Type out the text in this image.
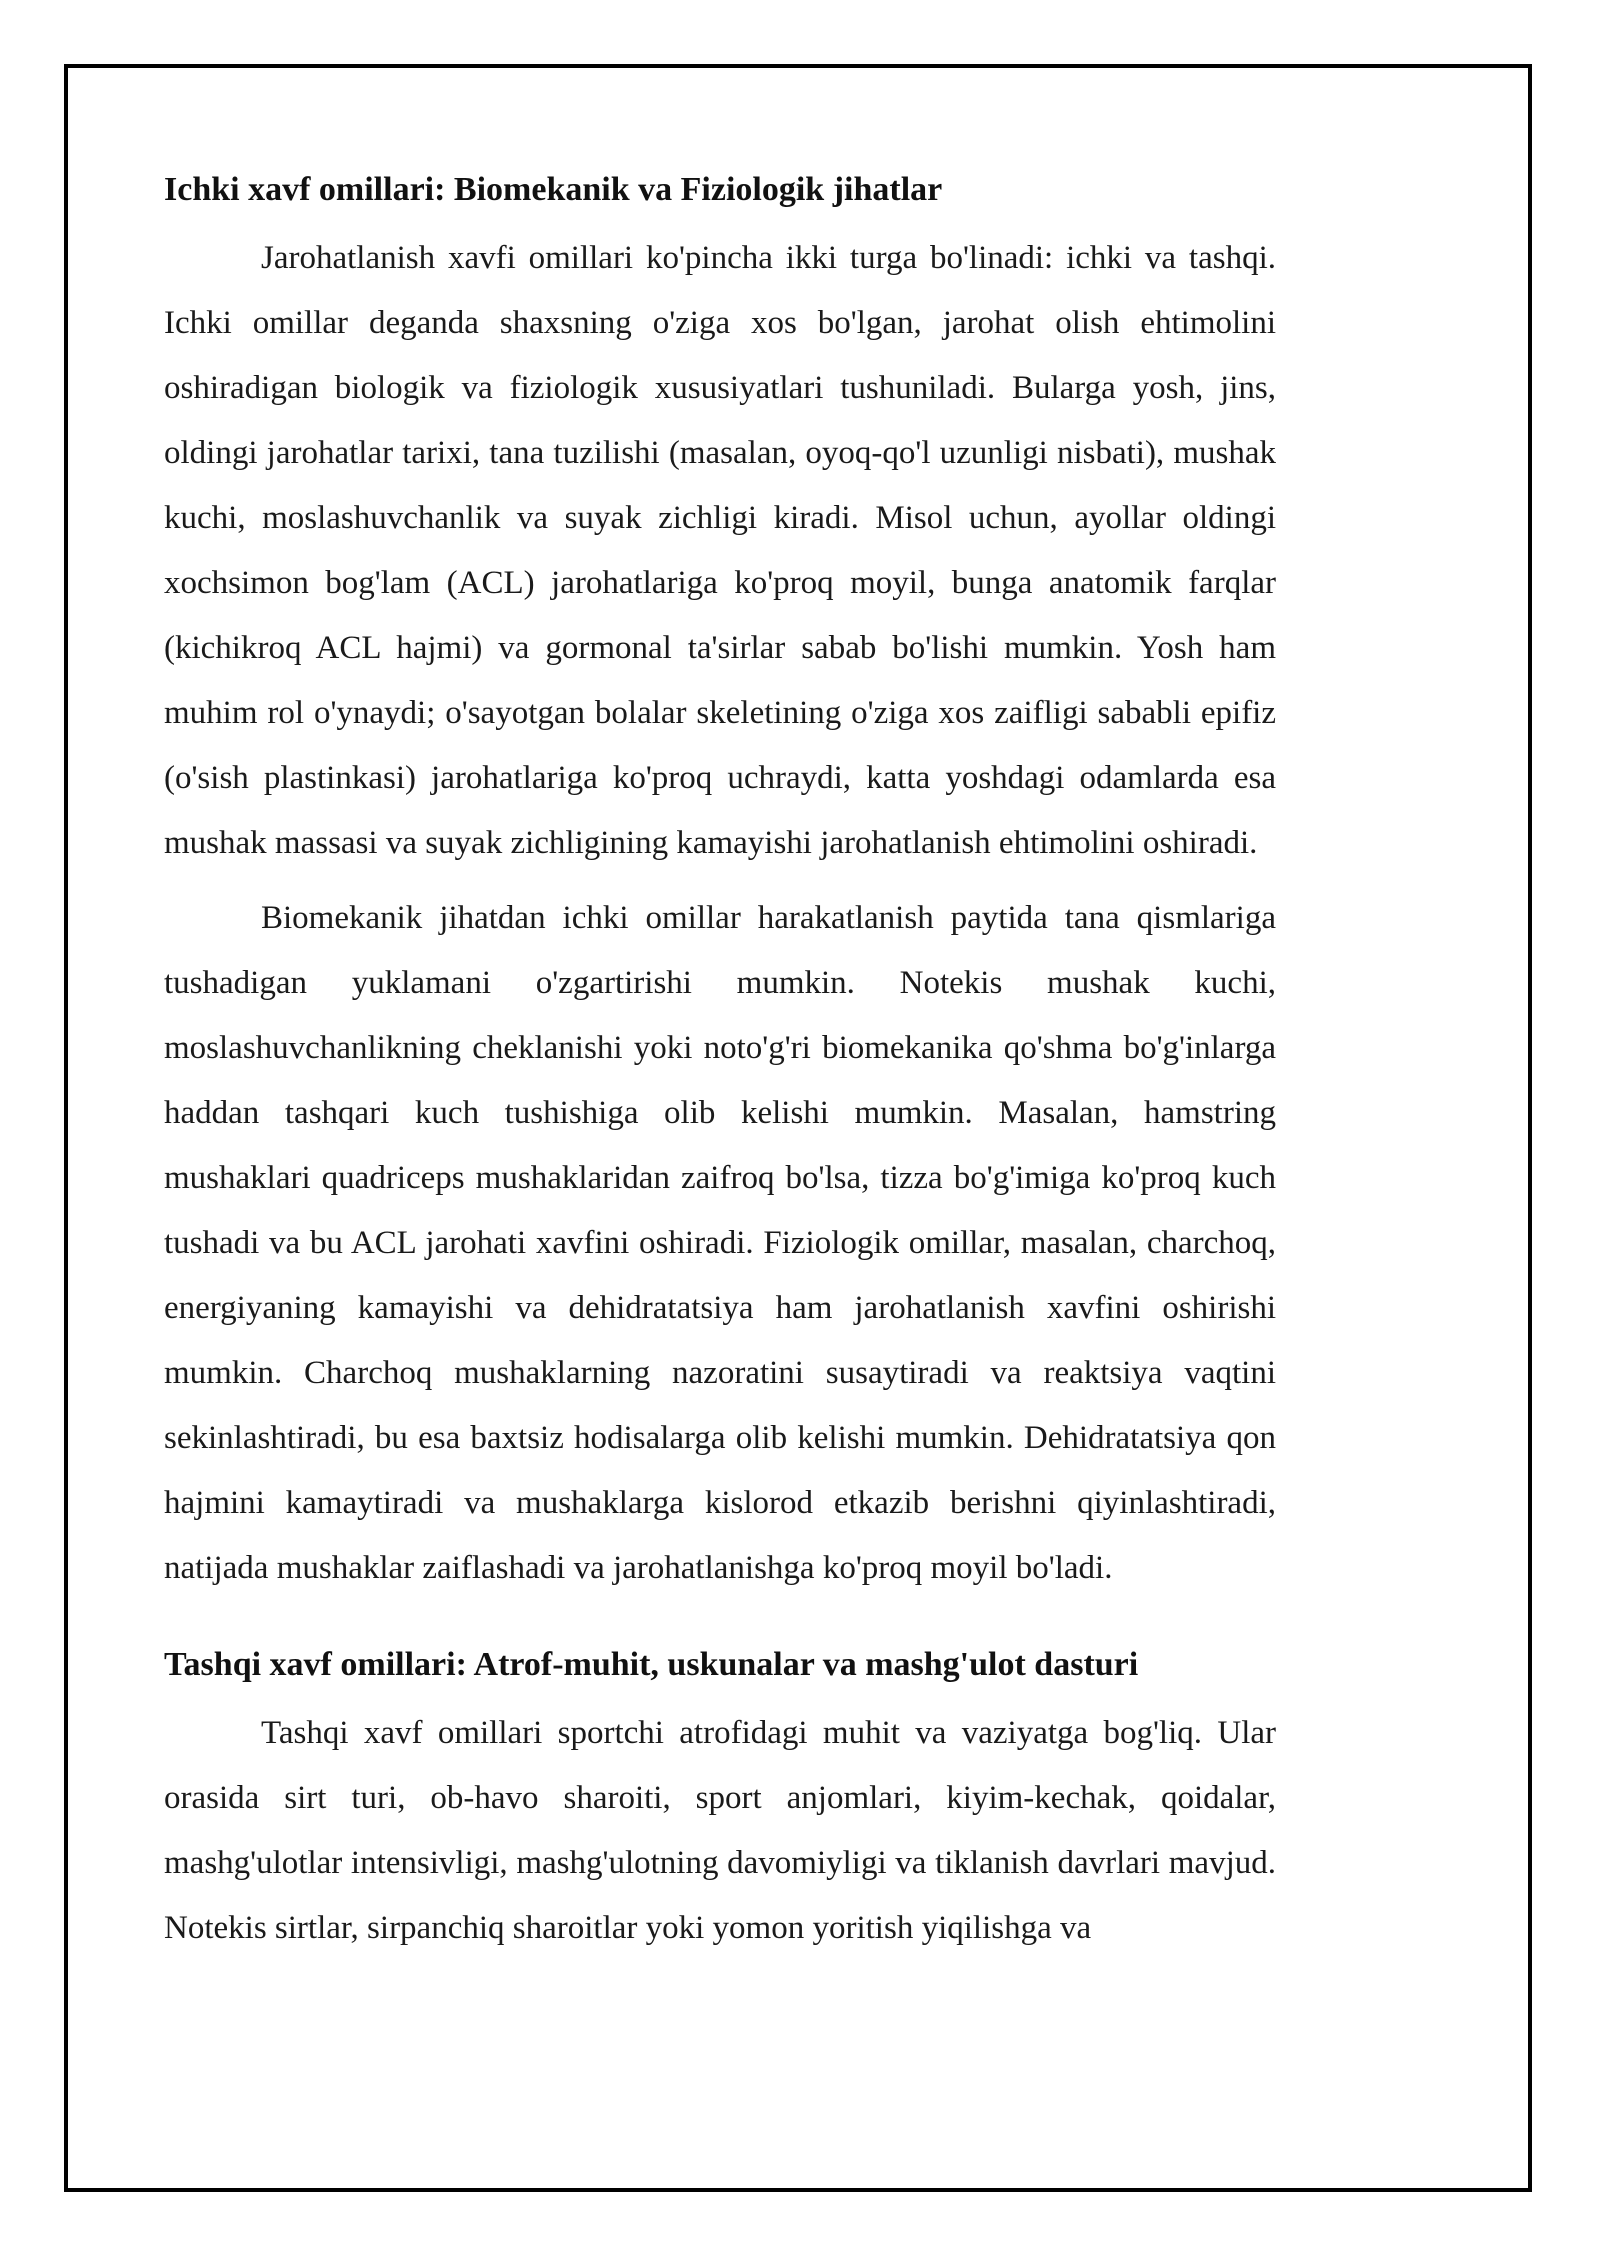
Ichki xavf omillari: Biomekanik va Fiziologik jihatlar

Jarohatlanish xavfi omillari ko'pincha ikki turga bo'linadi: ichki va tashqi. Ichki omillar deganda shaxsning o'ziga xos bo'lgan, jarohat olish ehtimolini oshiradigan biologik va fiziologik xususiyatlari tushuniladi. Bularga yosh, jins, oldingi jarohatlar tarixi, tana tuzilishi (masalan, oyoq-qo'l uzunligi nisbati), mushak kuchi, moslashuvchanlik va suyak zichligi kiradi. Misol uchun, ayollar oldingi xochsimon bog'lam (ACL) jarohatlariga ko'proq moyil, bunga anatomik farqlar (kichikroq ACL hajmi) va gormonal ta'sirlar sabab bo'lishi mumkin. Yosh ham muhim rol o'ynaydi; o'sayotgan bolalar skeletining o'ziga xos zaifligi sababli epifiz (o'sish plastinkasi) jarohatlariga ko'proq uchraydi, katta yoshdagi odamlarda esa mushak massasi va suyak zichligining kamayishi jarohatlanish ehtimolini oshiradi.

Biomekanik jihatdan ichki omillar harakatlanish paytida tana qismlariga tushadigan yuklamani o'zgartirishi mumkin. Notekis mushak kuchi, moslashuvchanlikning cheklanishi yoki noto'g'ri biomekanika qo'shma bo'g'inlarga haddan tashqari kuch tushishiga olib kelishi mumkin. Masalan, hamstring mushaklari quadriceps mushaklaridan zaifroq bo'lsa, tizza bo'g'imiga ko'proq kuch tushadi va bu ACL jarohati xavfini oshiradi. Fiziologik omillar, masalan, charchoq, energiyaning kamayishi va dehidratatsiya ham jarohatlanish xavfini oshirishi mumkin. Charchoq mushaklarning nazoratini susaytiradi va reaktsiya vaqtini sekinlashtiradi, bu esa baxtsiz hodisalarga olib kelishi mumkin. Dehidratatsiya qon hajmini kamaytiradi va mushaklarga kislorod etkazib berishni qiyinlashtiradi, natijada mushaklar zaiflashadi va jarohatlanishga ko'proq moyil bo'ladi.

Tashqi xavf omillari: Atrof-muhit, uskunalar va mashg'ulot dasturi

Tashqi xavf omillari sportchi atrofidagi muhit va vaziyatga bog'liq. Ular orasida sirt turi, ob-havo sharoiti, sport anjomlari, kiyim-kechak, qoidalar, mashg'ulotlar intensivligi, mashg'ulotning davomiyligi va tiklanish davrlari mavjud. Notekis sirtlar, sirpanchiq sharoitlar yoki yomon yoritish yiqilishga va
